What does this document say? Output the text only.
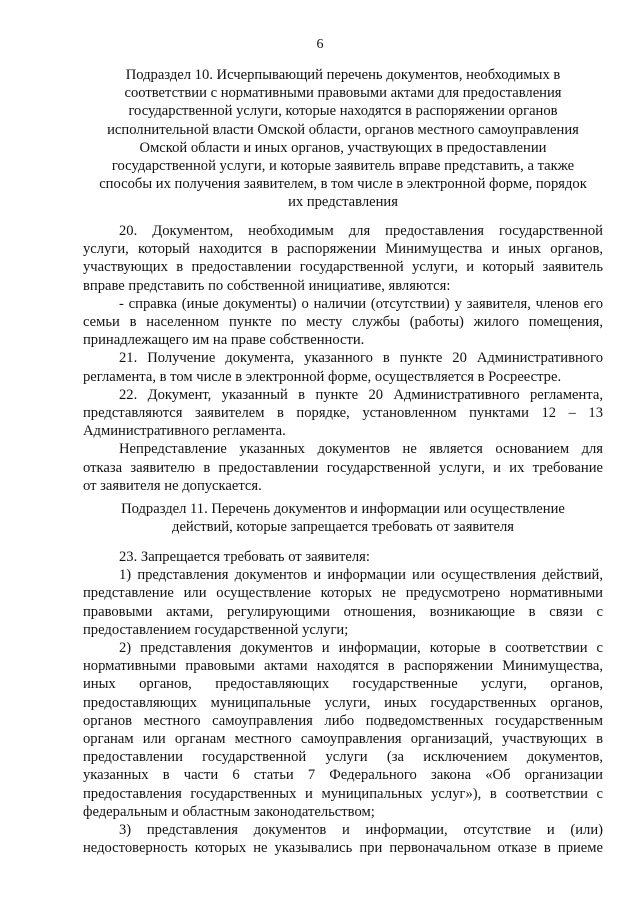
6
Подраздел 10. Исчерпывающий перечень документов, необходимых в
соответствии с нормативными правовыми актами для предоставления
государственной услуги, которые находятся в распоряжении органов
исполнительной власти Омской области, органов местного самоуправления
Омской области и иных органов, участвующих в предоставлении
государственной услуги, и которые заявитель вправе представить, а также
способы их получения заявителем, в том числе в электронной форме, порядок
их представления
20. Документом, необходимым для предоставления государственной
услуги, который находится в распоряжении Минимущества и иных органов,
участвующих в предоставлении государственной услуги, и который заявитель
вправе представить по собственной инициативе, являются:
- справка (иные документы) о наличии (отсутствии) у заявителя, членов его
семьи в населенном пункте по месту службы (работы) жилого помещения,
принадлежащего им на праве собственности.
21. Получение документа, указанного в пункте 20 Административного
регламента, в том числе в электронной форме, осуществляется в Росреестре.
22. Документ, указанный в пункте 20 Административного регламента,
представляются заявителем в порядке, установленном пунктами 12 – 13
Административного регламента.
Непредставление указанных документов не является основанием для
отказа заявителю в предоставлении государственной услуги, и их требование
от заявителя не допускается.
Подраздел 11. Перечень документов и информации или осуществление
действий, которые запрещается требовать от заявителя
23. Запрещается требовать от заявителя:
1) представления документов и информации или осуществления действий,
представление или осуществление которых не предусмотрено нормативными
правовыми актами, регулирующими отношения, возникающие в связи с
предоставлением государственной услуги;
2) представления документов и информации, которые в соответствии с
нормативными правовыми актами находятся в распоряжении Минимущества,
иных органов, предоставляющих государственные услуги, органов,
предоставляющих муниципальные услуги, иных государственных органов,
органов местного самоуправления либо подведомственных государственным
органам или органам местного самоуправления организаций, участвующих в
предоставлении государственной услуги (за исключением документов,
указанных в части 6 статьи 7 Федерального закона «Об организации
предоставления государственных и муниципальных услуг»), в соответствии с
федеральным и областным законодательством;
3) представления документов и информации, отсутствие и (или)
недостоверность которых не указывались при первоначальном отказе в приеме
